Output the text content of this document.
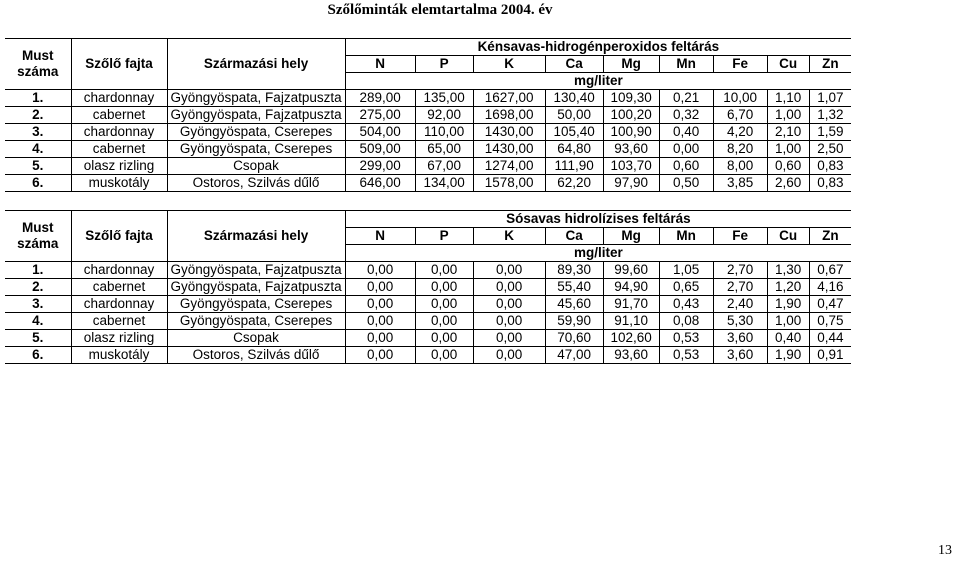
Szőlőminták elemtartalma 2004. év
Must száma	Szőlő fajta	Származási hely	Kénsavas-hidrogénperoxidos feltárás								
			N	P	K	Ca	Mg	Mn	Fe	Cu	Zn
			mg/liter								
1.	chardonnay	Gyöngyöspata, Fajzatpuszta	289,00	135,00	1627,00	130,40	109,30	0,21	10,00	1,10	1,07
2.	cabernet	Gyöngyöspata, Fajzatpuszta	275,00	92,00	1698,00	50,00	100,20	0,32	6,70	1,00	1,32
3.	chardonnay	Gyöngyöspata, Cserepes	504,00	110,00	1430,00	105,40	100,90	0,40	4,20	2,10	1,59
4.	cabernet	Gyöngyöspata, Cserepes	509,00	65,00	1430,00	64,80	93,60	0,00	8,20	1,00	2,50
5.	olasz rizling	Csopak	299,00	67,00	1274,00	111,90	103,70	0,60	8,00	0,60	0,83
6.	muskotály	Ostoros, Szilvás dűlő	646,00	134,00	1578,00	62,20	97,90	0,50	3,85	2,60	0,83
Must száma	Szőlő fajta	Származási hely	Sósavas hidrolízises feltárás								
			N	P	K	Ca	Mg	Mn	Fe	Cu	Zn
			mg/liter								
1.	chardonnay	Gyöngyöspata, Fajzatpuszta	0,00	0,00	0,00	89,30	99,60	1,05	2,70	1,30	0,67
2.	cabernet	Gyöngyöspata, Fajzatpuszta	0,00	0,00	0,00	55,40	94,90	0,65	2,70	1,20	4,16
3.	chardonnay	Gyöngyöspata, Cserepes	0,00	0,00	0,00	45,60	91,70	0,43	2,40	1,90	0,47
4.	cabernet	Gyöngyöspata, Cserepes	0,00	0,00	0,00	59,90	91,10	0,08	5,30	1,00	0,75
5.	olasz rizling	Csopak	0,00	0,00	0,00	70,60	102,60	0,53	3,60	0,40	0,44
6.	muskotály	Ostoros, Szilvás dűlő	0,00	0,00	0,00	47,00	93,60	0,53	3,60	1,90	0,91
13
